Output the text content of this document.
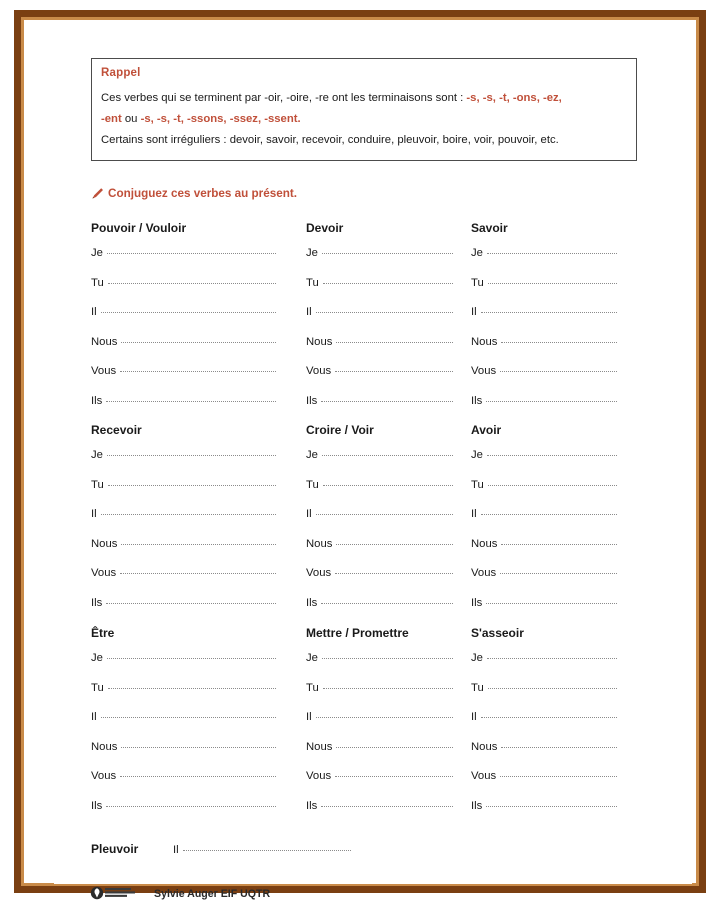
Rappel
Ces verbes qui se terminent par -oir, -oire, -re ont les terminaisons sont : -s, -s, -t, -ons, -ez,
-ent ou -s, -s, -t, -ssons, -ssez, -ssent.
Certains sont irréguliers : devoir, savoir, recevoir, conduire, pleuvoir, boire, voir, pouvoir, etc.
Conjuguez ces verbes au présent.
Pouvoir / Vouloir
Je
Tu
Il
Nous
Vous
Ils
Devoir
Je
Tu
Il
Nous
Vous
Ils
Savoir
Je
Tu
Il
Nous
Vous
Ils
Recevoir
Je
Tu
Il
Nous
Vous
Ils
Croire / Voir
Je
Tu
Il
Nous
Vous
Ils
Avoir
Je
Tu
Il
Nous
Vous
Ils
Être
Je
Tu
Il
Nous
Vous
Ils
Mettre / Promettre
Je
Tu
Il
Nous
Vous
Ils
S'asseoir
Je
Tu
Il
Nous
Vous
Ils
Pleuvoir	Il
Sylvie Auger EIF UQTR
